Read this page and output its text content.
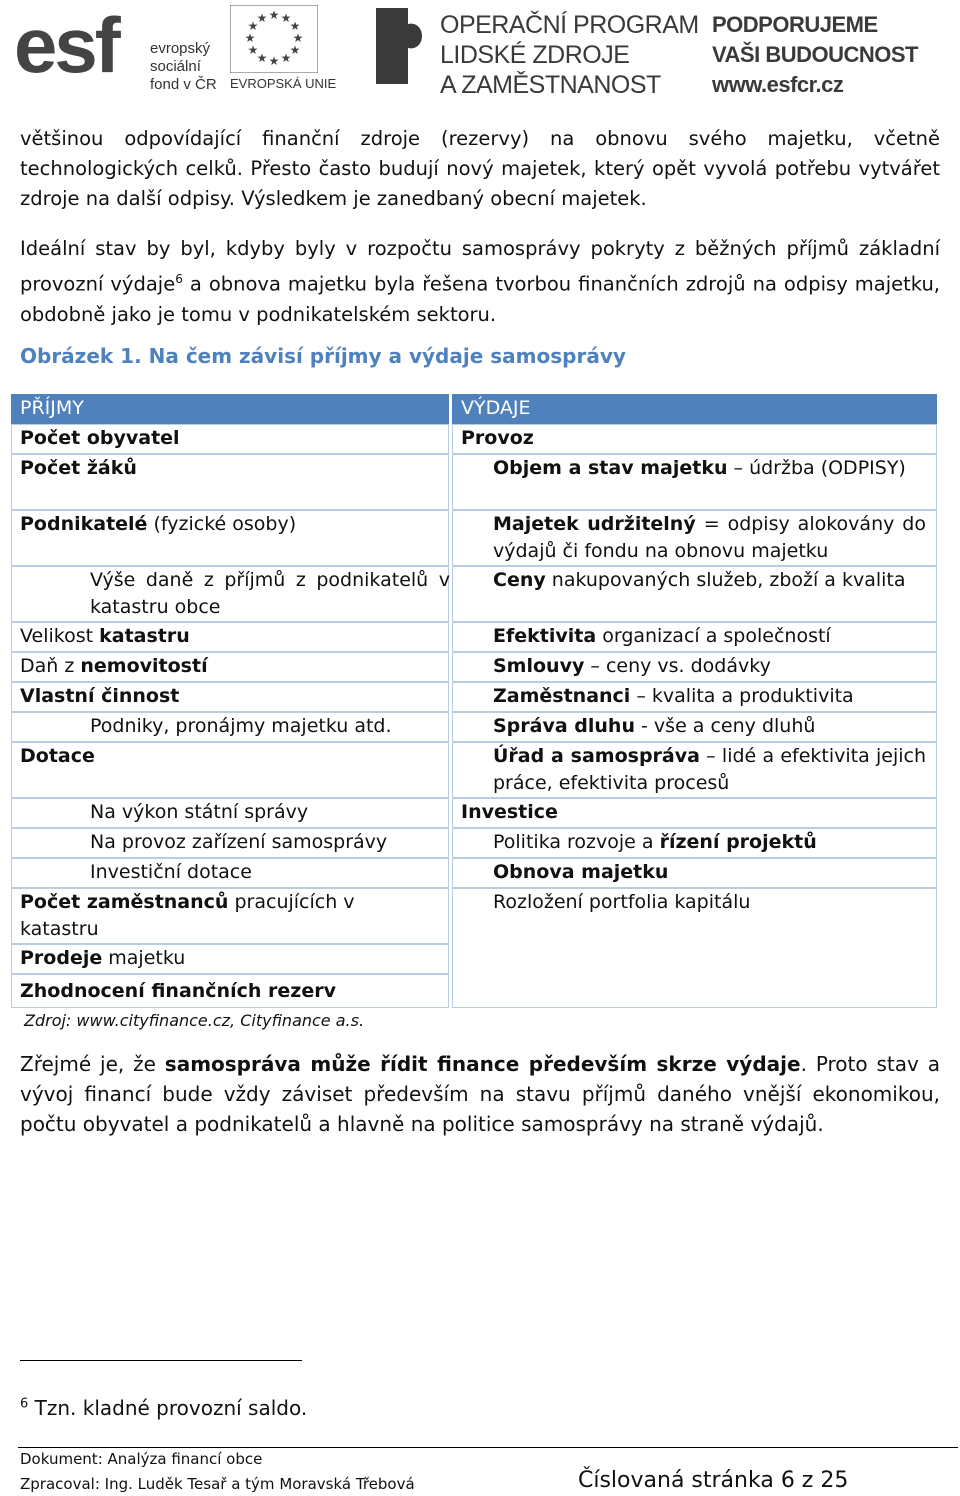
esf evropský
sociální
fond v ČR
★ ★
★
★
★
★
★
★
★
★
★
★
EVROPSKÁ UNIE
OPERAČNÍ PROGRAM
LIDSKÉ ZDROJE
A ZAMĚSTNANOST
PODPORUJEME
VAŠI BUDOUCNOST
www.esfcr.cz
většinou odpovídající finanční zdroje (rezervy) na obnovu svého majetku, včetně technologických celků. Přesto často budují nový majetek, který opět vyvolá potřebu vytvářet zdroje na další odpisy. Výsledkem je zanedbaný obecní majetek.
Ideální stav by byl, kdyby byly v rozpočtu samosprávy pokryty z běžných příjmů základní provozní výdaje$^6$ a obnova majetku byla řešena tvorbou finančních zdrojů na odpisy majetku, obdobně jako je tomu v podnikatelském sektoru.
Obrázek 1. Na čem závisí příjmy a výdaje samosprávy
PŘÍJMY
Počet obyvatel
Počet žáků
Podnikatelé (fyzické osoby)
Výše daně z příjmů z podnikatelů v katastru obce
Velikost katastru
Daň z nemovitostí
Vlastní činnost
Podniky, pronájmy majetku atd.
Dotace
Na výkon státní správy
Na provoz zařízení samosprávy
Investiční dotace
Počet zaměstnanců pracujících v katastru
Prodeje majetku
Zhodnocení finančních rezerv
VÝDAJE
Provoz
Objem a stav majetku – údržba (ODPISY)
Majetek udržitelný = odpisy alokovány do výdajů či fondu na obnovu majetku
Ceny nakupovaných služeb, zboží a kvalita
Efektivita organizací a společností
Smlouvy – ceny vs. dodávky
Zaměstnanci – kvalita a produktivita
Správa dluhu - vše a ceny dluhů
Úřad a samospráva – lidé a efektivita jejich práce, efektivita procesů
Investice
Politika rozvoje a řízení projektů
Obnova majetku
Rozložení portfolia kapitálu
Zdroj: www.cityfinance.cz, Cityfinance a.s.
Zřejmé je, že samospráva může řídit finance především skrze výdaje. Proto stav a vývoj financí bude vždy záviset především na stavu příjmů daného vnější ekonomikou, počtu obyvatel a podnikatelů a hlavně na politice samosprávy na straně výdajů.
$^6$ Tzn. kladné provozní saldo.
Dokument: Analýza financí obce
Zpracoval: Ing. Luděk Tesař a tým Moravská Třebová	Číslovaná stránka 6 z 25
